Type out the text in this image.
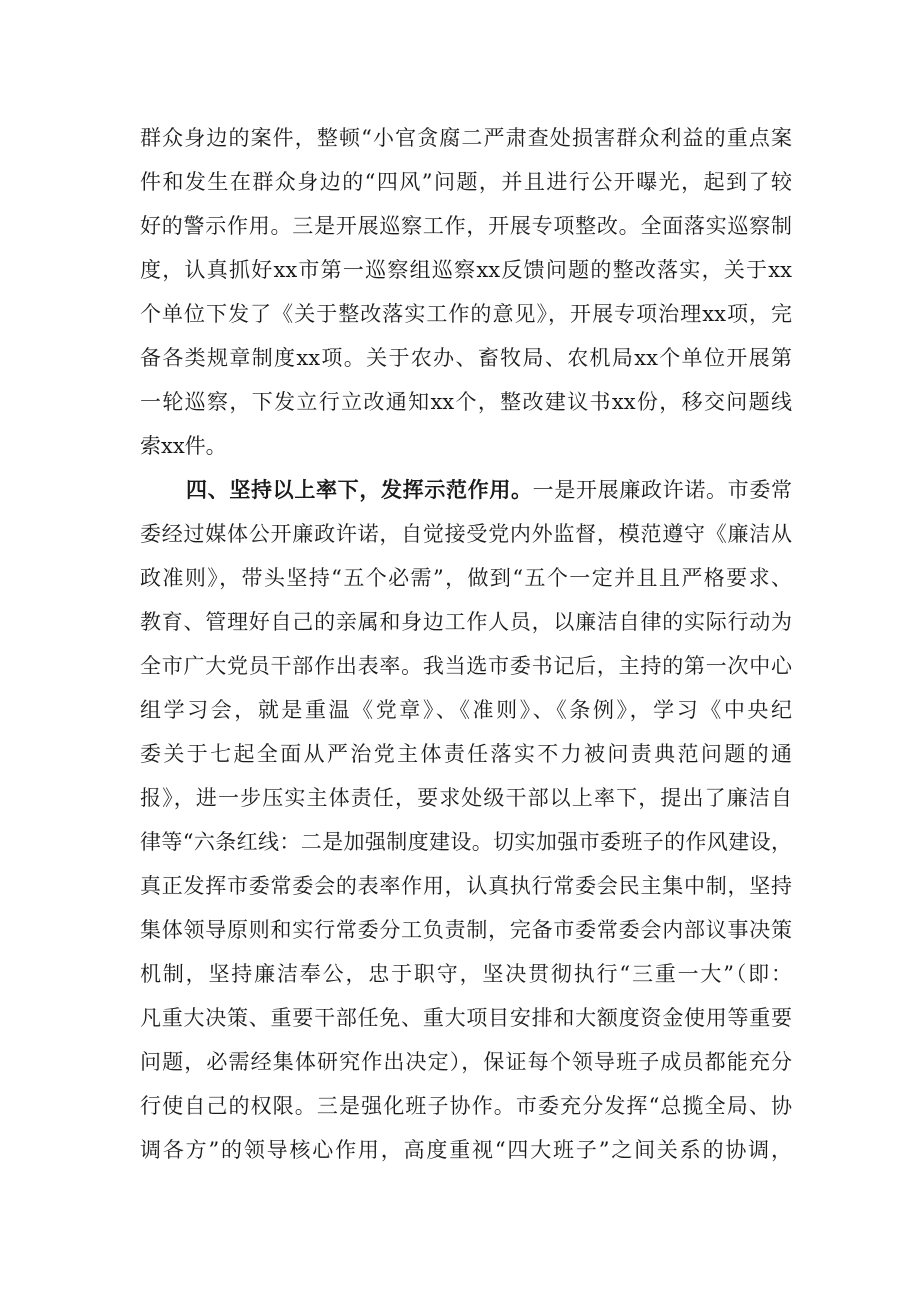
群众身边的案件，整顿“小官贪腐二严肃查处损害群众利益的重点案
件和发生在群众身边的“四风”问题，并且进行公开曝光，起到了较
好的警示作用。三是开展巡察工作，开展专项整改。全面落实巡察制
度，认真抓好xx市第一巡察组巡察xx反馈问题的整改落实，关于xx
个单位下发了《关于整改落实工作的意见》，开展专项治理xx项，完
备各类规章制度xx项。关于农办、畜牧局、农机局xx个单位开展第
一轮巡察，下发立行立改通知xx个，整改建议书xx份，移交问题线
索xx件。
四、坚持以上率下，发挥示范作用。一是开展廉政许诺。市委常
委经过媒体公开廉政许诺，自觉接受党内外监督，模范遵守《廉洁从
政准则》，带头坚持“五个必需”，做到“五个一定并且且严格要求、
教育、管理好自己的亲属和身边工作人员，以廉洁自律的实际行动为
全市广大党员干部作出表率。我当选市委书记后，主持的第一次中心
组学习会，就是重温《党章》、《准则》、《条例》，学习《中央纪
委关于七起全面从严治党主体责任落实不力被问责典范问题的通
报》，进一步压实主体责任，要求处级干部以上率下，提出了廉洁自
律等“六条红线：二是加强制度建设。切实加强市委班子的作风建设，
真正发挥市委常委会的表率作用，认真执行常委会民主集中制，坚持
集体领导原则和实行常委分工负责制，完备市委常委会内部议事决策
机制，坚持廉洁奉公，忠于职守，坚决贯彻执行“三重一大”（即：
凡重大决策、重要干部任免、重大项目安排和大额度资金使用等重要
问题，必需经集体研究作出决定），保证每个领导班子成员都能充分
行使自己的权限。三是强化班子协作。市委充分发挥“总揽全局、协
调各方”的领导核心作用，高度重视“四大班子”之间关系的协调，
